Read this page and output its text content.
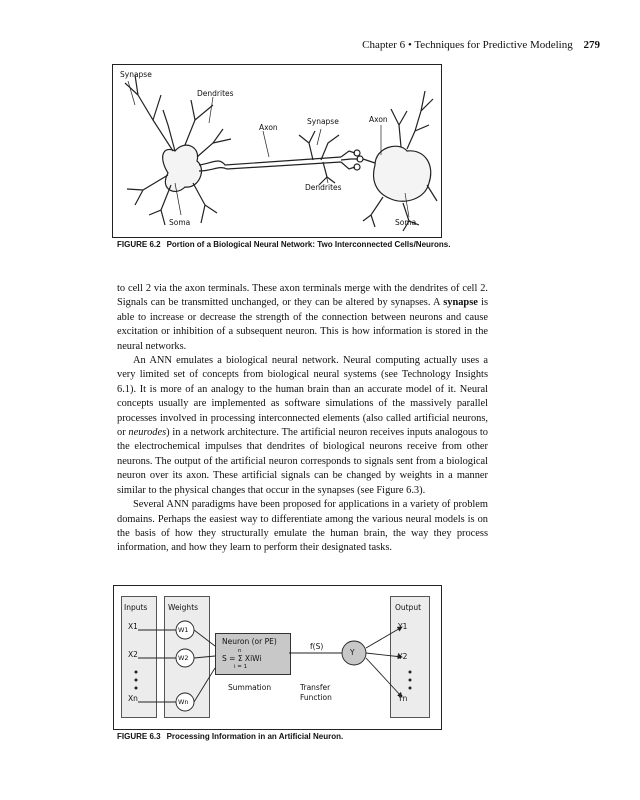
Chapter 6 • Techniques for Predictive Modeling 279
Synapse
Dendrites
Axon
Synapse	Axon
Dendrites
Soma	Soma
FIGURE 6.2 Portion of a Biological Neural Network: Two Interconnected Cells/Neurons.

to cell 2 via the axon terminals. These axon terminals merge with the dendrites of cell 2. Signals can be transmitted unchanged, or they can be altered by synapses. A synapse is able to increase or decrease the strength of the connection between neurons and cause excitation or inhibition of a subsequent neuron. This is how information is stored in the neural networks.

An ANN emulates a biological neural network. Neural computing actually uses a very limited set of concepts from biological neural systems (see Technology Insights 6.1). It is more of an analogy to the human brain than an accurate model of it. Neural concepts usually are implemented as software simulations of the massively parallel processes involved in processing interconnected elements (also called artificial neurons, or neurodes) in a network architecture. The artificial neuron receives inputs analogous to the electrochemical impulses that dendrites of biological neurons receive from other neurons. The output of the artificial neuron corresponds to signals sent from a biological neuron over its axon. These artificial signals can be changed by weights in a manner similar to the physical changes that occur in the synapses (see Figure 6.3).

Several ANN paradigms have been proposed for applications in a variety of problem domains. Perhaps the easiest way to differentiate among the various neural models is on the basis of how they structurally emulate the human brain, the way they process information, and how they learn to perform their designated tasks.

Inputs	Weights	Output
X1
X2
Xn
W1
W2
Wn
Neuron (or PE)
n
S = Σ XiWi
i = 1
f(S)
Y
Y1
Y2
Yn
Summation	Transfer
Function
FIGURE 6.3 Processing Information in an Artificial Neuron.
